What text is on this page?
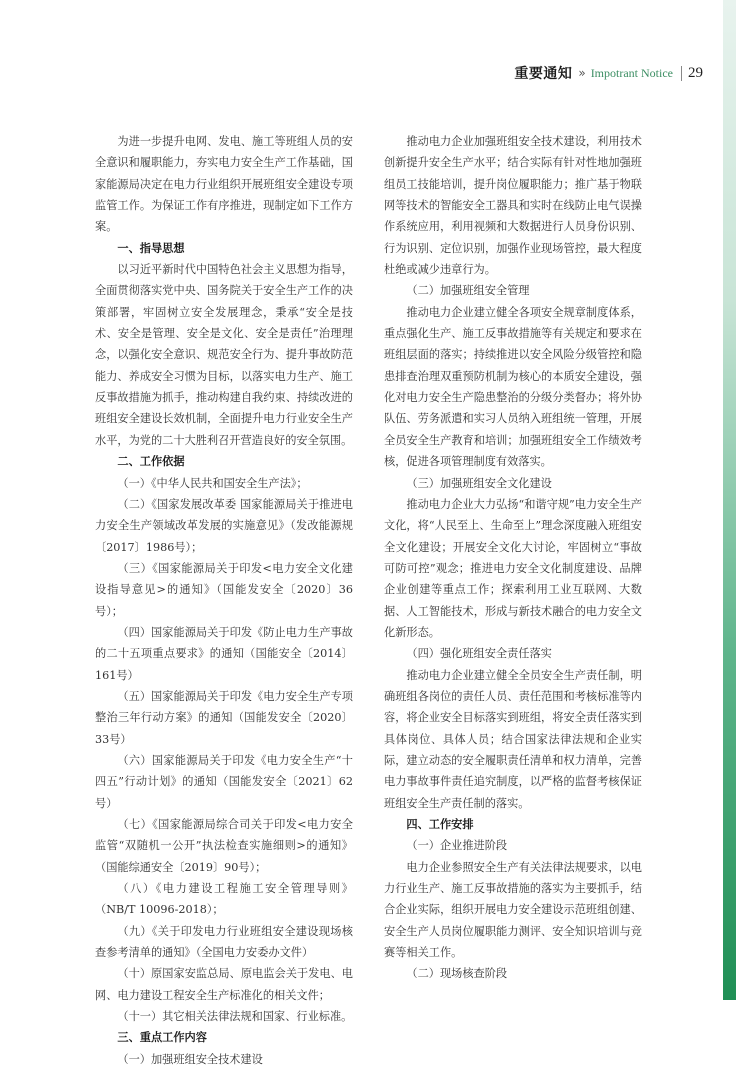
重要通知 » Impotrant Notice 29

为进一步提升电网、发电、施工等班组人员的安全意识和履职能力，夯实电力安全生产工作基础，国家能源局决定在电力行业组织开展班组安全建设专项监管工作。为保证工作有序推进，现制定如下工作方案。

一、指导思想

以习近平新时代中国特色社会主义思想为指导，全面贯彻落实党中央、国务院关于安全生产工作的决策部署，牢固树立安全发展理念，秉承“安全是技术、安全是管理、安全是文化、安全是责任”治理理念，以强化安全意识、规范安全行为、提升事故防范能力、养成安全习惯为目标，以落实电力生产、施工反事故措施为抓手，推动构建自我约束、持续改进的班组安全建设长效机制，全面提升电力行业安全生产水平，为党的二十大胜利召开营造良好的安全氛围。

二、工作依据

（一）《中华人民共和国安全生产法》；

（二）《国家发展改革委 国家能源局关于推进电力安全生产领域改革发展的实施意见》（发改能源规〔2017〕1986号）；

（三）《国家能源局关于印发<电力安全文化建设指导意见>的通知》（国能发安全〔2020〕36号）；

（四）国家能源局关于印发《防止电力生产事故的二十五项重点要求》的通知（国能安全〔2014〕161号）

（五）国家能源局关于印发《电力安全生产专项整治三年行动方案》的通知（国能发安全〔2020〕33号）

（六）国家能源局关于印发《电力安全生产“十四五”行动计划》的通知（国能发安全〔2021〕62号）

（七）《国家能源局综合司关于印发<电力安全监管“双随机一公开”执法检查实施细则>的通知》（国能综通安全〔2019〕90号）；

（八）《电力建设工程施工安全管理导则》（NB/T 10096-2018）；

（九）《关于印发电力行业班组安全建设现场核查参考清单的通知》（全国电力安委办文件）

（十）原国家安监总局、原电监会关于发电、电网、电力建设工程安全生产标准化的相关文件；

（十一）其它相关法律法规和国家、行业标准。

三、重点工作内容

（一）加强班组安全技术建设

推动电力企业加强班组安全技术建设，利用技术创新提升安全生产水平；结合实际有针对性地加强班组员工技能培训，提升岗位履职能力；推广基于物联网等技术的智能安全工器具和实时在线防止电气误操作系统应用，利用视频和大数据进行人员身份识别、行为识别、定位识别，加强作业现场管控，最大程度杜绝或减少违章行为。

（二）加强班组安全管理

推动电力企业建立健全各项安全规章制度体系，重点强化生产、施工反事故措施等有关规定和要求在班组层面的落实；持续推进以安全风险分级管控和隐患排查治理双重预防机制为核心的本质安全建设，强化对电力安全生产隐患整治的分级分类督办；将外协队伍、劳务派遣和实习人员纳入班组统一管理，开展全员安全生产教育和培训；加强班组安全工作绩效考核，促进各项管理制度有效落实。

（三）加强班组安全文化建设

推动电力企业大力弘扬“和谐守规”电力安全生产文化，将“人民至上、生命至上”理念深度融入班组安全文化建设；开展安全文化大讨论，牢固树立“事故可防可控”观念；推进电力安全文化制度建设、品牌企业创建等重点工作；探索利用工业互联网、大数据、人工智能技术，形成与新技术融合的电力安全文化新形态。

（四）强化班组安全责任落实

推动电力企业建立健全全员安全生产责任制，明确班组各岗位的责任人员、责任范围和考核标准等内容，将企业安全目标落实到班组，将安全责任落实到具体岗位、具体人员；结合国家法律法规和企业实际，建立动态的安全履职责任清单和权力清单，完善电力事故事件责任追究制度，以严格的监督考核保证班组安全生产责任制的落实。

四、工作安排

（一）企业推进阶段

电力企业参照安全生产有关法律法规要求，以电力行业生产、施工反事故措施的落实为主要抓手，结合企业实际，组织开展电力安全建设示范班组创建、安全生产人员岗位履职能力测评、安全知识培训与竞赛等相关工作。

（二）现场核查阶段
